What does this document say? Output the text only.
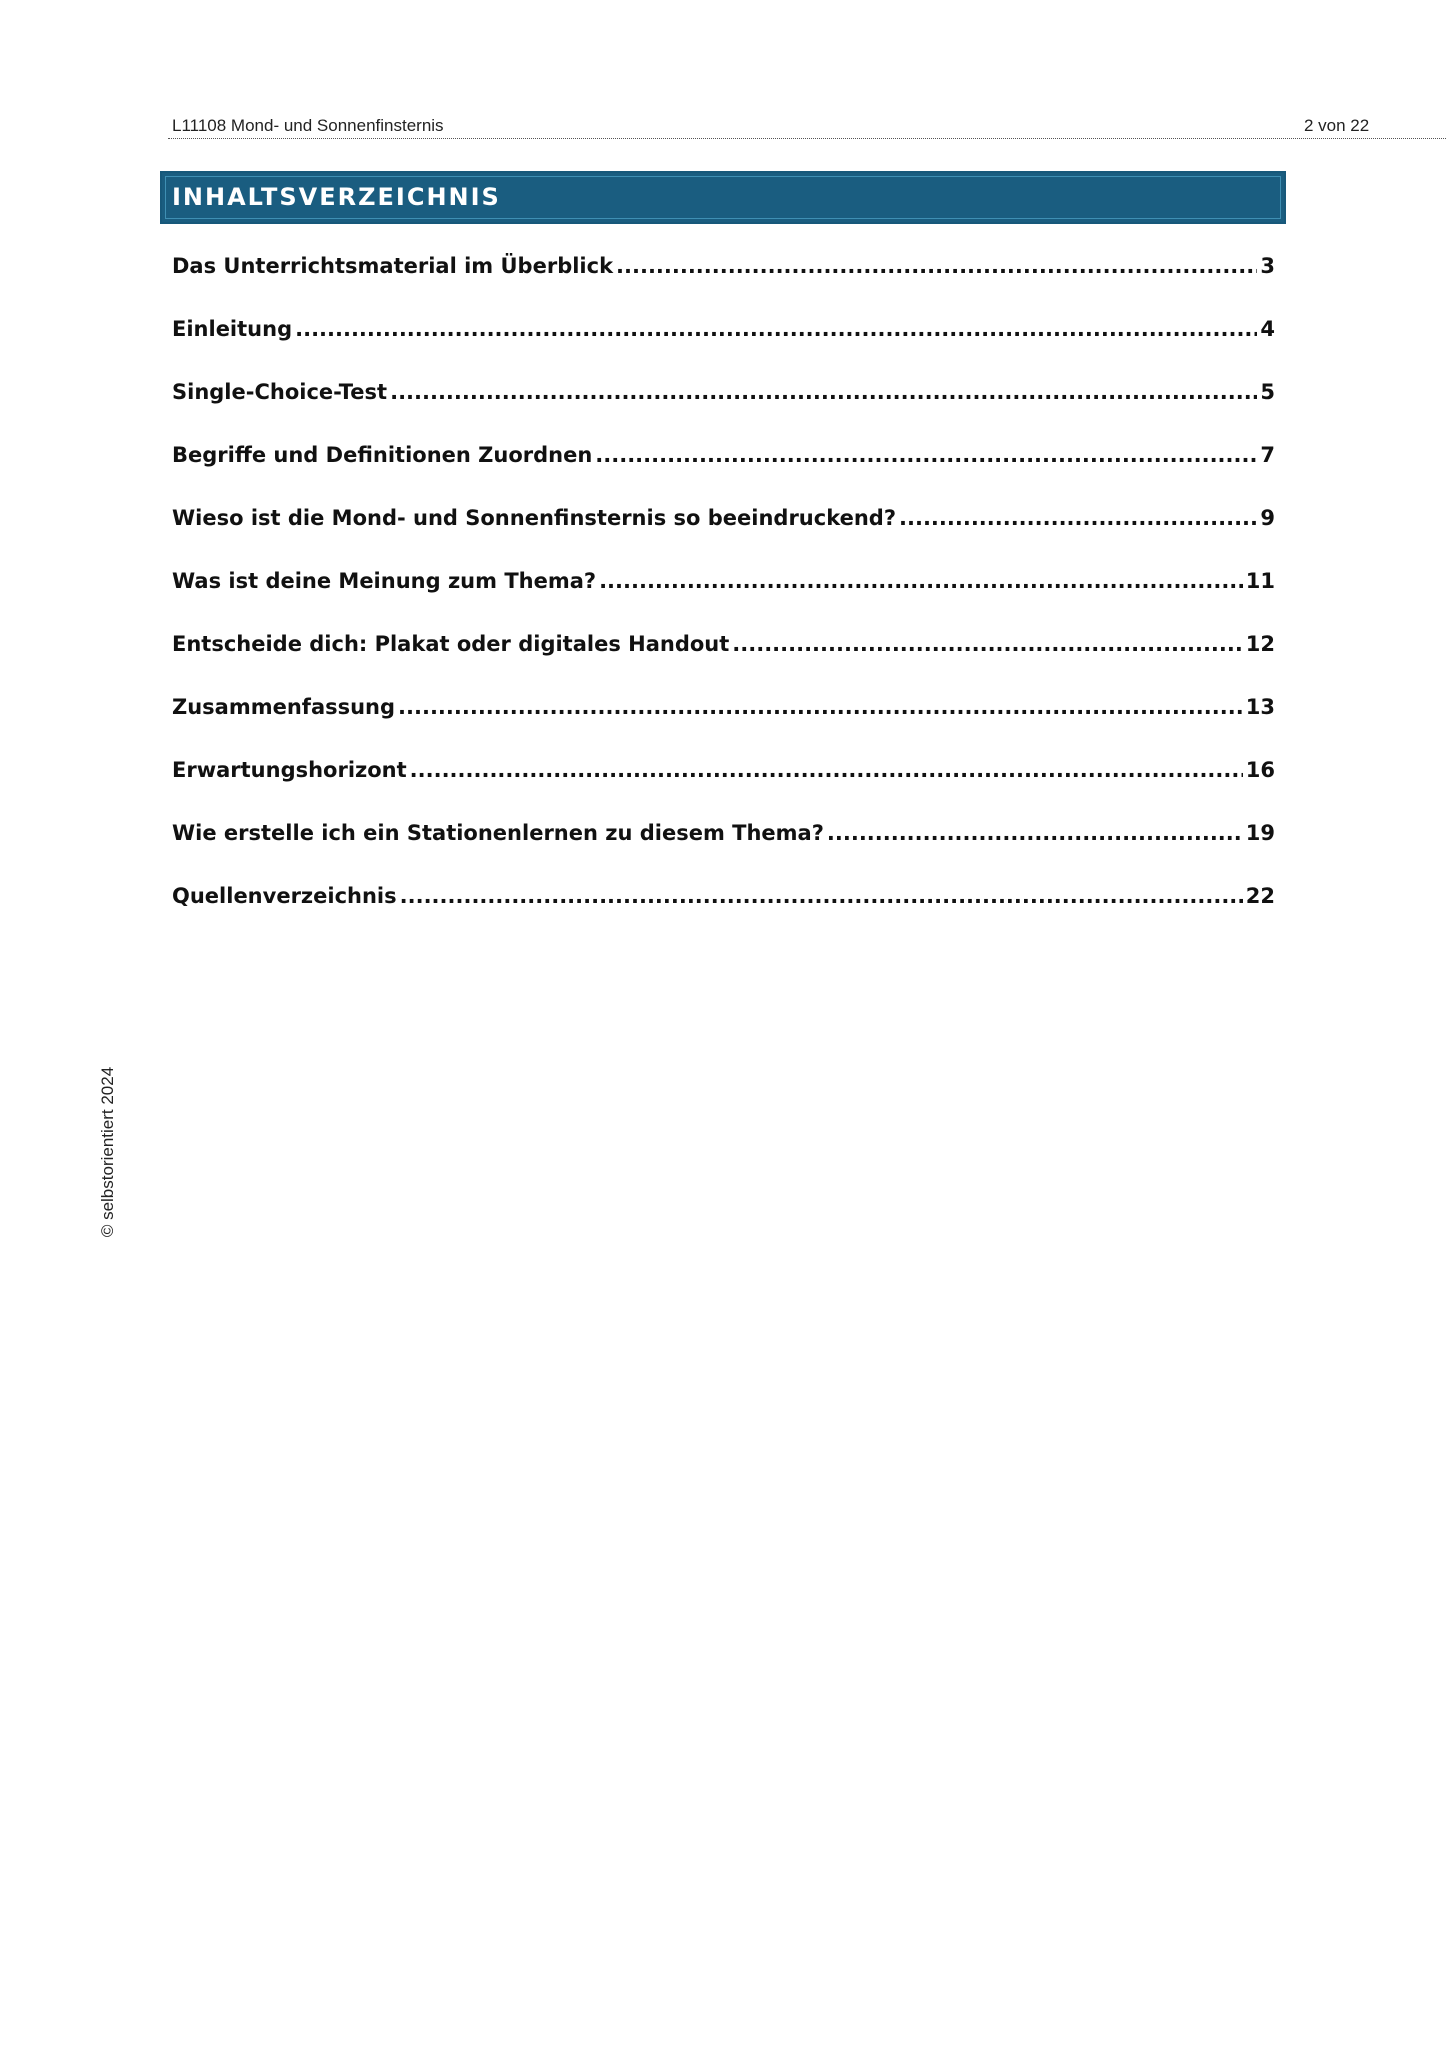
L11108 Mond- und Sonnenfinsternis	2 von 22
INHALTSVERZEICHNIS
Das Unterrichtsmaterial im Überblick .....	3
Einleitung .....	4
Single-Choice-Test .....	5
Begriffe und Definitionen Zuordnen .....	7
Wieso ist die Mond- und Sonnenfinsternis so beeindruckend? .....	9
Was ist deine Meinung zum Thema? .....	11
Entscheide dich: Plakat oder digitales Handout .....	12
Zusammenfassung .....	13
Erwartungshorizont .....	16
Wie erstelle ich ein Stationenlernen zu diesem Thema? .....	19
Quellenverzeichnis .....	22
© selbstorientiert 2024
